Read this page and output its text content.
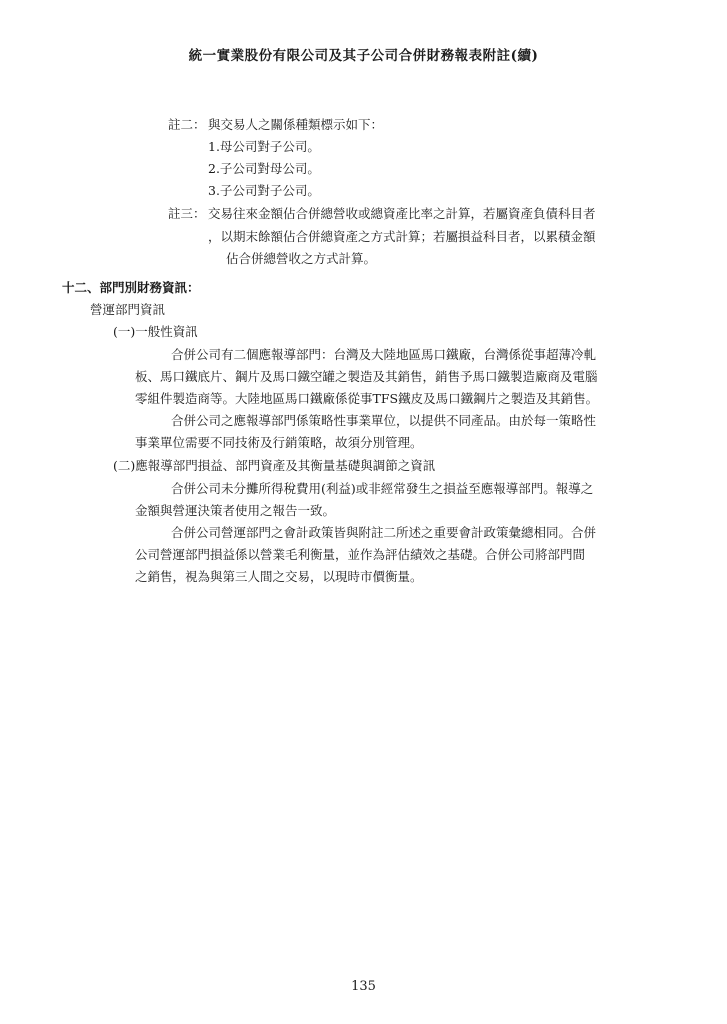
統一實業股份有限公司及其子公司合併財務報表附註(續)
註二： 與交易人之關係種類標示如下：
1.母公司對子公司。
2.子公司對母公司。
3.子公司對子公司。
註三： 交易往來金額佔合併總營收或總資產比率之計算，若屬資產負債科目者
，以期末餘額佔合併總資產之方式計算；若屬損益科目者，以累積金額
佔合併總營收之方式計算。
十二、部門別財務資訊：
營運部門資訊
(一)一般性資訊
合併公司有二個應報導部門：台灣及大陸地區馬口鐵廠，台灣係從事超薄冷軋
板、馬口鐵底片、鋼片及馬口鐵空罐之製造及其銷售，銷售予馬口鐵製造廠商及電腦
零組件製造商等。大陸地區馬口鐵廠係從事TFS鐵皮及馬口鐵鋼片之製造及其銷售。
合併公司之應報導部門係策略性事業單位，以提供不同產品。由於每一策略性
事業單位需要不同技術及行銷策略，故須分別管理。
(二)應報導部門損益、部門資產及其衡量基礎與調節之資訊
合併公司未分攤所得稅費用(利益)或非經常發生之損益至應報導部門。報導之
金額與營運決策者使用之報告一致。
合併公司營運部門之會計政策皆與附註二所述之重要會計政策彙總相同。合併
公司營運部門損益係以營業毛利衡量，並作為評估績效之基礎。合併公司將部門間
之銷售，視為與第三人間之交易，以現時市價衡量。
135
